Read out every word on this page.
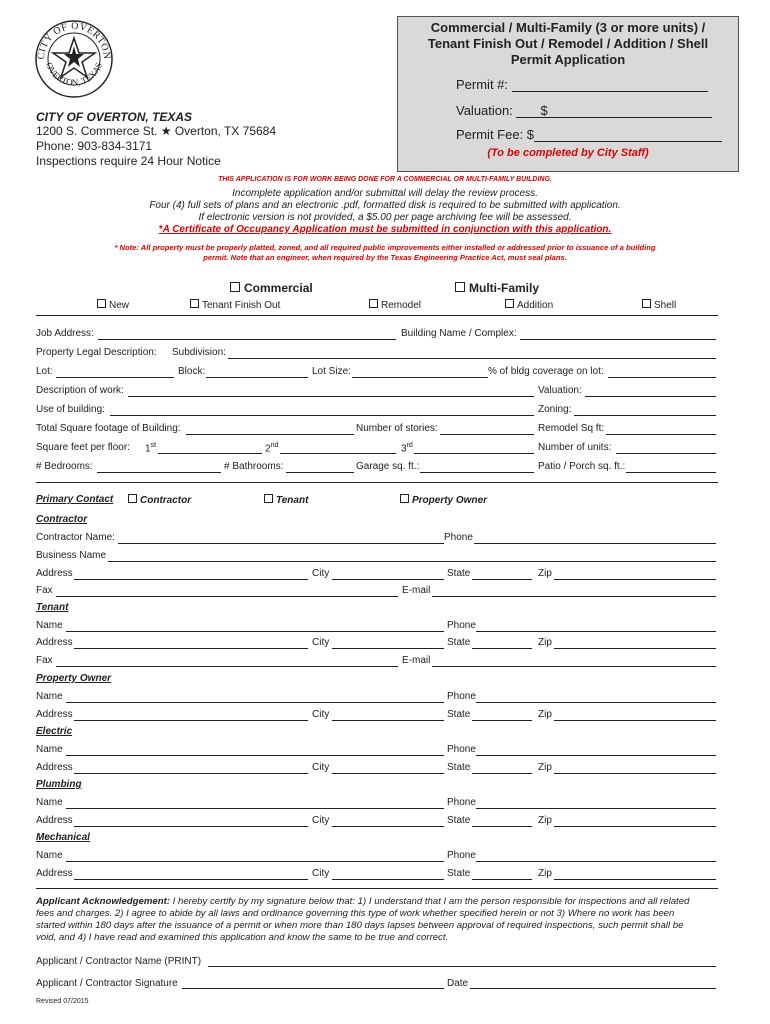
CITY OF OVERTON
OVERTON, TEXAS
CITY OF OVERTON, TEXAS
1200 S. Commerce St. ★ Overton, TX 75684
Phone: 903-834-3171
Inspections require 24 Hour Notice
Commercial / Multi-Family (3 or more units) /
Tenant Finish Out / Remodel / Addition / Shell
Permit Application
Permit #:
Valuation: $
Permit Fee: $
(To be completed by City Staff)
THIS APPLICATION IS FOR WORK BEING DONE FOR A COMMERCIAL OR MULTI-FAMILY BUILDING.
Incomplete application and/or submittal will delay the review process.
Four (4) full sets of plans and an electronic .pdf, formatted disk is required to be submitted with application.
If electronic version is not provided, a $5.00 per page archiving fee will be assessed.
*A Certificate of Occupancy Application must be submitted in conjunction with this application.
* Note: All property must be properly platted, zoned, and all required public improvements either installed or addressed prior to issuance of a building
permit. Note that an engineer, when required by the Texas Engineering Practice Act, must seal plans.
Commercial	Multi-Family
New	Tenant Finish Out	Remodel	Addition	Shell
Job Address:	Building Name / Complex:
Property Legal Description: Subdivision:
Lot:	Block:	Lot Size:	% of bldg coverage on lot:
Description of work:	Valuation:
Use of building:	Zoning:
Total Square footage of Building:	Number of stories:	Remodel Sq ft:
Square feet per floor: 1st	2nd	3rd	Number of units:
# Bedrooms:	# Bathrooms:	Garage sq. ft.:	Patio / Porch sq. ft.:
Primary Contact	Contractor	Tenant	Property Owner
Contractor
Contractor Name:	Phone
Business Name
Address	City	State	Zip
Fax	E-mail
Tenant
Name	Phone
Address	City	State	Zip
Fax	E-mail
Property Owner
Name	Phone
Address	City	State	Zip
Electric
Name	Phone
Address	City	State	Zip
Plumbing
Name	Phone
Address	City	State	Zip
Mechanical
Name	Phone
Address	City	State	Zip
Applicant Acknowledgement: I hereby certify by my signature below that: 1) I understand that I am the person responsible for inspections and all related
fees and charges. 2) I agree to abide by all laws and ordinance governing this type of work whether specified herein or not 3) Where no work has been
started within 180 days after the issuance of a permit or when more than 180 days lapses between approval of required inspections, such permit shall be
void, and 4) I have read and examined this application and know the same to be true and correct.
Applicant / Contractor Name (PRINT)
Applicant / Contractor Signature	Date
Revised 07/2015
